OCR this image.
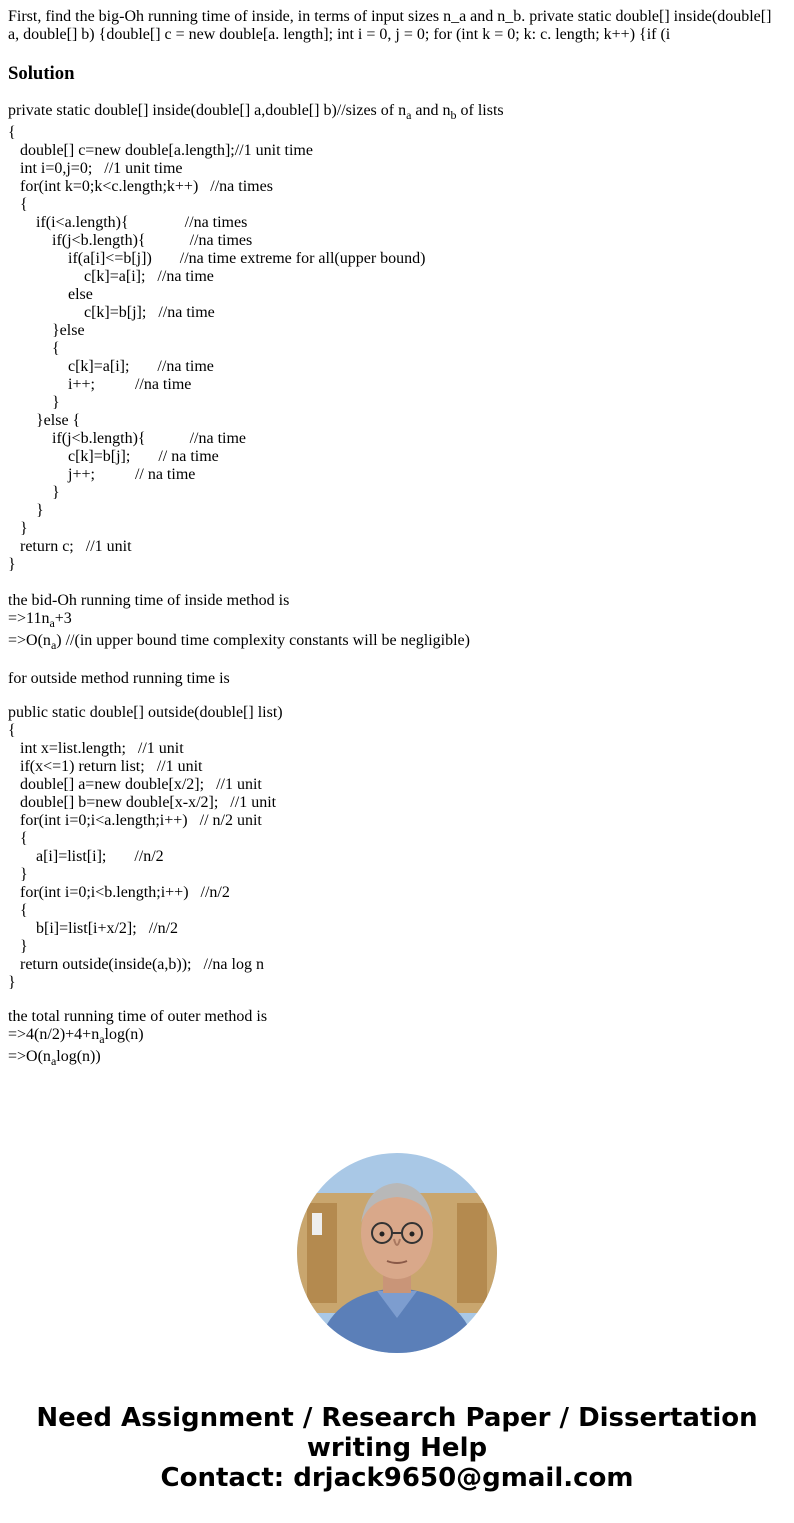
First, find the big-Oh running time of inside, in terms of input sizes n_a and n_b. private static double[] inside(double[] a, double[] b) {double[] c = new double[a. length]; int i = 0, j = 0; for (int k = 0; k: c. length; k++) {if (i
Solution
private static double[] inside(double[] a,double[] b)//sizes of $n_a$ and $n_b$ of lists
{
double[] c=new double[a.length];//1 unit time
int i=0,j=0;   //1 unit time
for(int k=0;k<c.length;k++)   //na times
{
if(i<a.length){              //na times
if(j<b.length){           //na times
if(a[i]<=b[j])       //na time extreme for all(upper bound)
c[k]=a[i];   //na time
else
c[k]=b[j];   //na time
}else
{
c[k]=a[i];       //na time
i++;          //na time
}
}else {
if(j<b.length){           //na time
c[k]=b[j];       // na time
j++;          // na time
}
}
}
return c;   //1 unit
}
the bid-Oh running time of inside method is
$=>11n_a+3$
$=>O(n_a)$ //(in upper bound time complexity constants will be negligible)
for outside method running time is
public static double[] outside(double[] list)
{
int x=list.length;   //1 unit
if(x<=1) return list;   //1 unit
double[] a=new double[x/2];   //1 unit
double[] b=new double[x-x/2];   //1 unit
for(int i=0;i<a.length;i++)   // n/2 unit
{
a[i]=list[i];       //n/2
}
for(int i=0;i<b.length;i++)   //n/2
{
b[i]=list[i+x/2];   //n/2
}
return outside(inside(a,b));   //na log n
}
the total running time of outer method is
$=>4(n/2)+4+n_a\log(n)$
$=>O(n_a\log(n))$
Need Assignment / Research Paper / Dissertation
writing Help
Contact: drjack9650@gmail.com
